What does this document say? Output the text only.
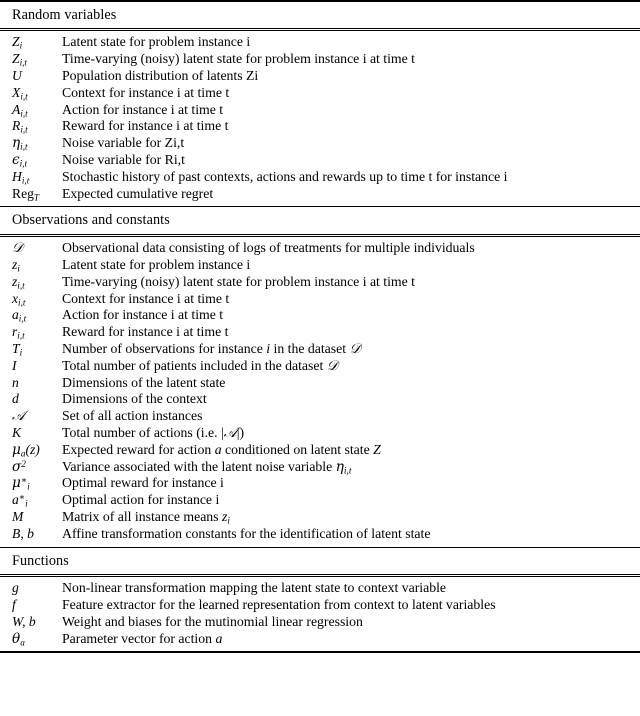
Random variables
$Z_i$	Latent state for problem instance i
$Z_{i,t}$	Time-varying (noisy) latent state for problem instance i at time t
U	Population distribution of latents Zi
$X_{i,t}$	Context for instance i at time t
$A_{i,t}$	Action for instance i at time t
$R_{i,t}$	Reward for instance i at time t
$\eta_{i,t}$	Noise variable for Zi,t
$\epsilon_{i,t}$	Noise variable for Ri,t
$H_{i,t}$	Stochastic history of past contexts, actions and rewards up to time t for instance i
Reg$_T$	Expected cumulative regret
Observations and constants
𝒟	Observational data consisting of logs of treatments for multiple individuals
$z_i$	Latent state for problem instance i
$z_{i,t}$	Time-varying (noisy) latent state for problem instance i at time t
$x_{i,t}$	Context for instance i at time t
$a_{i,t}$	Action for instance i at time t
$r_{i,t}$	Reward for instance i at time t
$T_i$	Number of observations for instance i in the dataset 𝒟
I	Total number of patients included in the dataset 𝒟
n	Dimensions of the latent state
d	Dimensions of the context
𝒜	Set of all action instances
K	Total number of actions (i.e. |𝒜|)
$\mu_a(z)$	Expected reward for action a conditioned on latent state Z
$\sigma^2$	Variance associated with the latent noise variable $\eta_{i,t}$
$\mu^∗_i$	Optimal reward for instance i
$a^∗_i$	Optimal action for instance i
M	Matrix of all instance means $z_i$
B, b	Affine transformation constants for the identification of latent state
Functions
g	Non-linear transformation mapping the latent state to context variable
f	Feature extractor for the learned representation from context to latent variables
W, b	Weight and biases for the mutinomial linear regression
$\theta_a$	Parameter vector for action a
